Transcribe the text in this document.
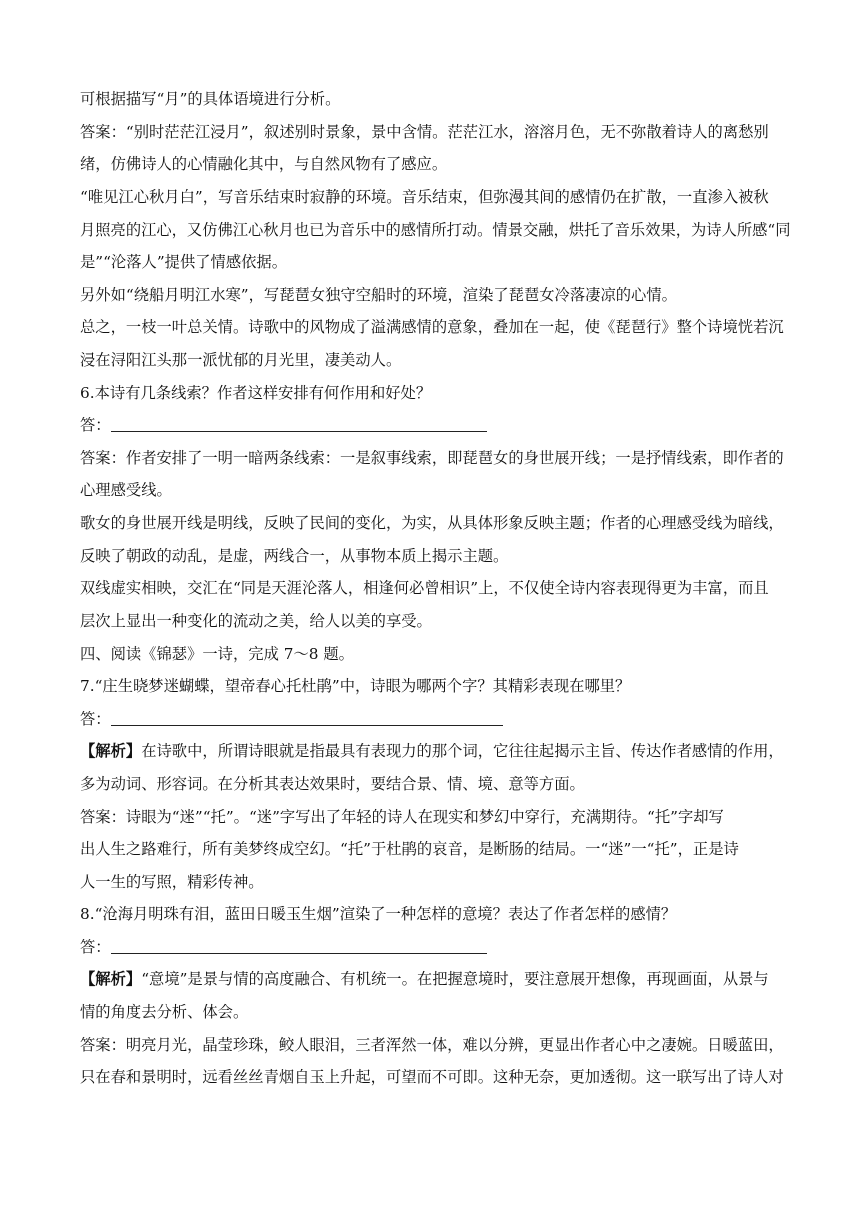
可根据描写“月”的具体语境进行分析。
答案：“别时茫茫江浸月”，叙述别时景象，景中含情。茫茫江水，溶溶月色，无不弥散着诗人的离愁别
绪，仿佛诗人的心情融化其中，与自然风物有了感应。
“唯见江心秋月白”，写音乐结束时寂静的环境。音乐结束，但弥漫其间的感情仍在扩散，一直渗入被秋
月照亮的江心，又仿佛江心秋月也已为音乐中的感情所打动。情景交融，烘托了音乐效果，为诗人所感“同
是”“沦落人”提供了情感依据。
另外如“绕船月明江水寒”，写琵琶女独守空船时的环境，渲染了琵琶女冷落凄凉的心情。
总之，一枝一叶总关情。诗歌中的风物成了溢满感情的意象，叠加在一起，使《琵琶行》整个诗境恍若沉
浸在浔阳江头那一派忧郁的月光里，凄美动人。
6.本诗有几条线索？作者这样安排有何作用和好处？
答：
答案：作者安排了一明一暗两条线索：一是叙事线索，即琵琶女的身世展开线；一是抒情线索，即作者的
心理感受线。
歌女的身世展开线是明线，反映了民间的变化，为实，从具体形象反映主题；作者的心理感受线为暗线，
反映了朝政的动乱，是虚，两线合一，从事物本质上揭示主题。
双线虚实相映，交汇在“同是天涯沦落人，相逢何必曾相识”上，不仅使全诗内容表现得更为丰富，而且
层次上显出一种变化的流动之美，给人以美的享受。
四、阅读《锦瑟》一诗，完成 7～8 题。
7.“庄生晓梦迷蝴蝶，望帝春心托杜鹃”中，诗眼为哪两个字？其精彩表现在哪里？
答：
【解析】在诗歌中，所谓诗眼就是指最具有表现力的那个词，它往往起揭示主旨、传达作者感情的作用，
多为动词、形容词。在分析其表达效果时，要结合景、情、境、意等方面。
答案：诗眼为“迷”“托”。“迷”字写出了年轻的诗人在现实和梦幻中穿行，充满期待。“托”字却写
出人生之路难行，所有美梦终成空幻。“托”于杜鹃的哀音，是断肠的结局。一“迷”一“托”，正是诗
人一生的写照，精彩传神。
8.“沧海月明珠有泪，蓝田日暖玉生烟”渲染了一种怎样的意境？表达了作者怎样的感情？
答：
【解析】“意境”是景与情的高度融合、有机统一。在把握意境时，要注意展开想像，再现画面，从景与
情的角度去分析、体会。
答案：明亮月光，晶莹珍珠，鲛人眼泪，三者浑然一体，难以分辨，更显出作者心中之凄婉。日暖蓝田，
只在春和景明时，远看丝丝青烟自玉上升起，可望而不可即。这种无奈，更加透彻。这一联写出了诗人对
